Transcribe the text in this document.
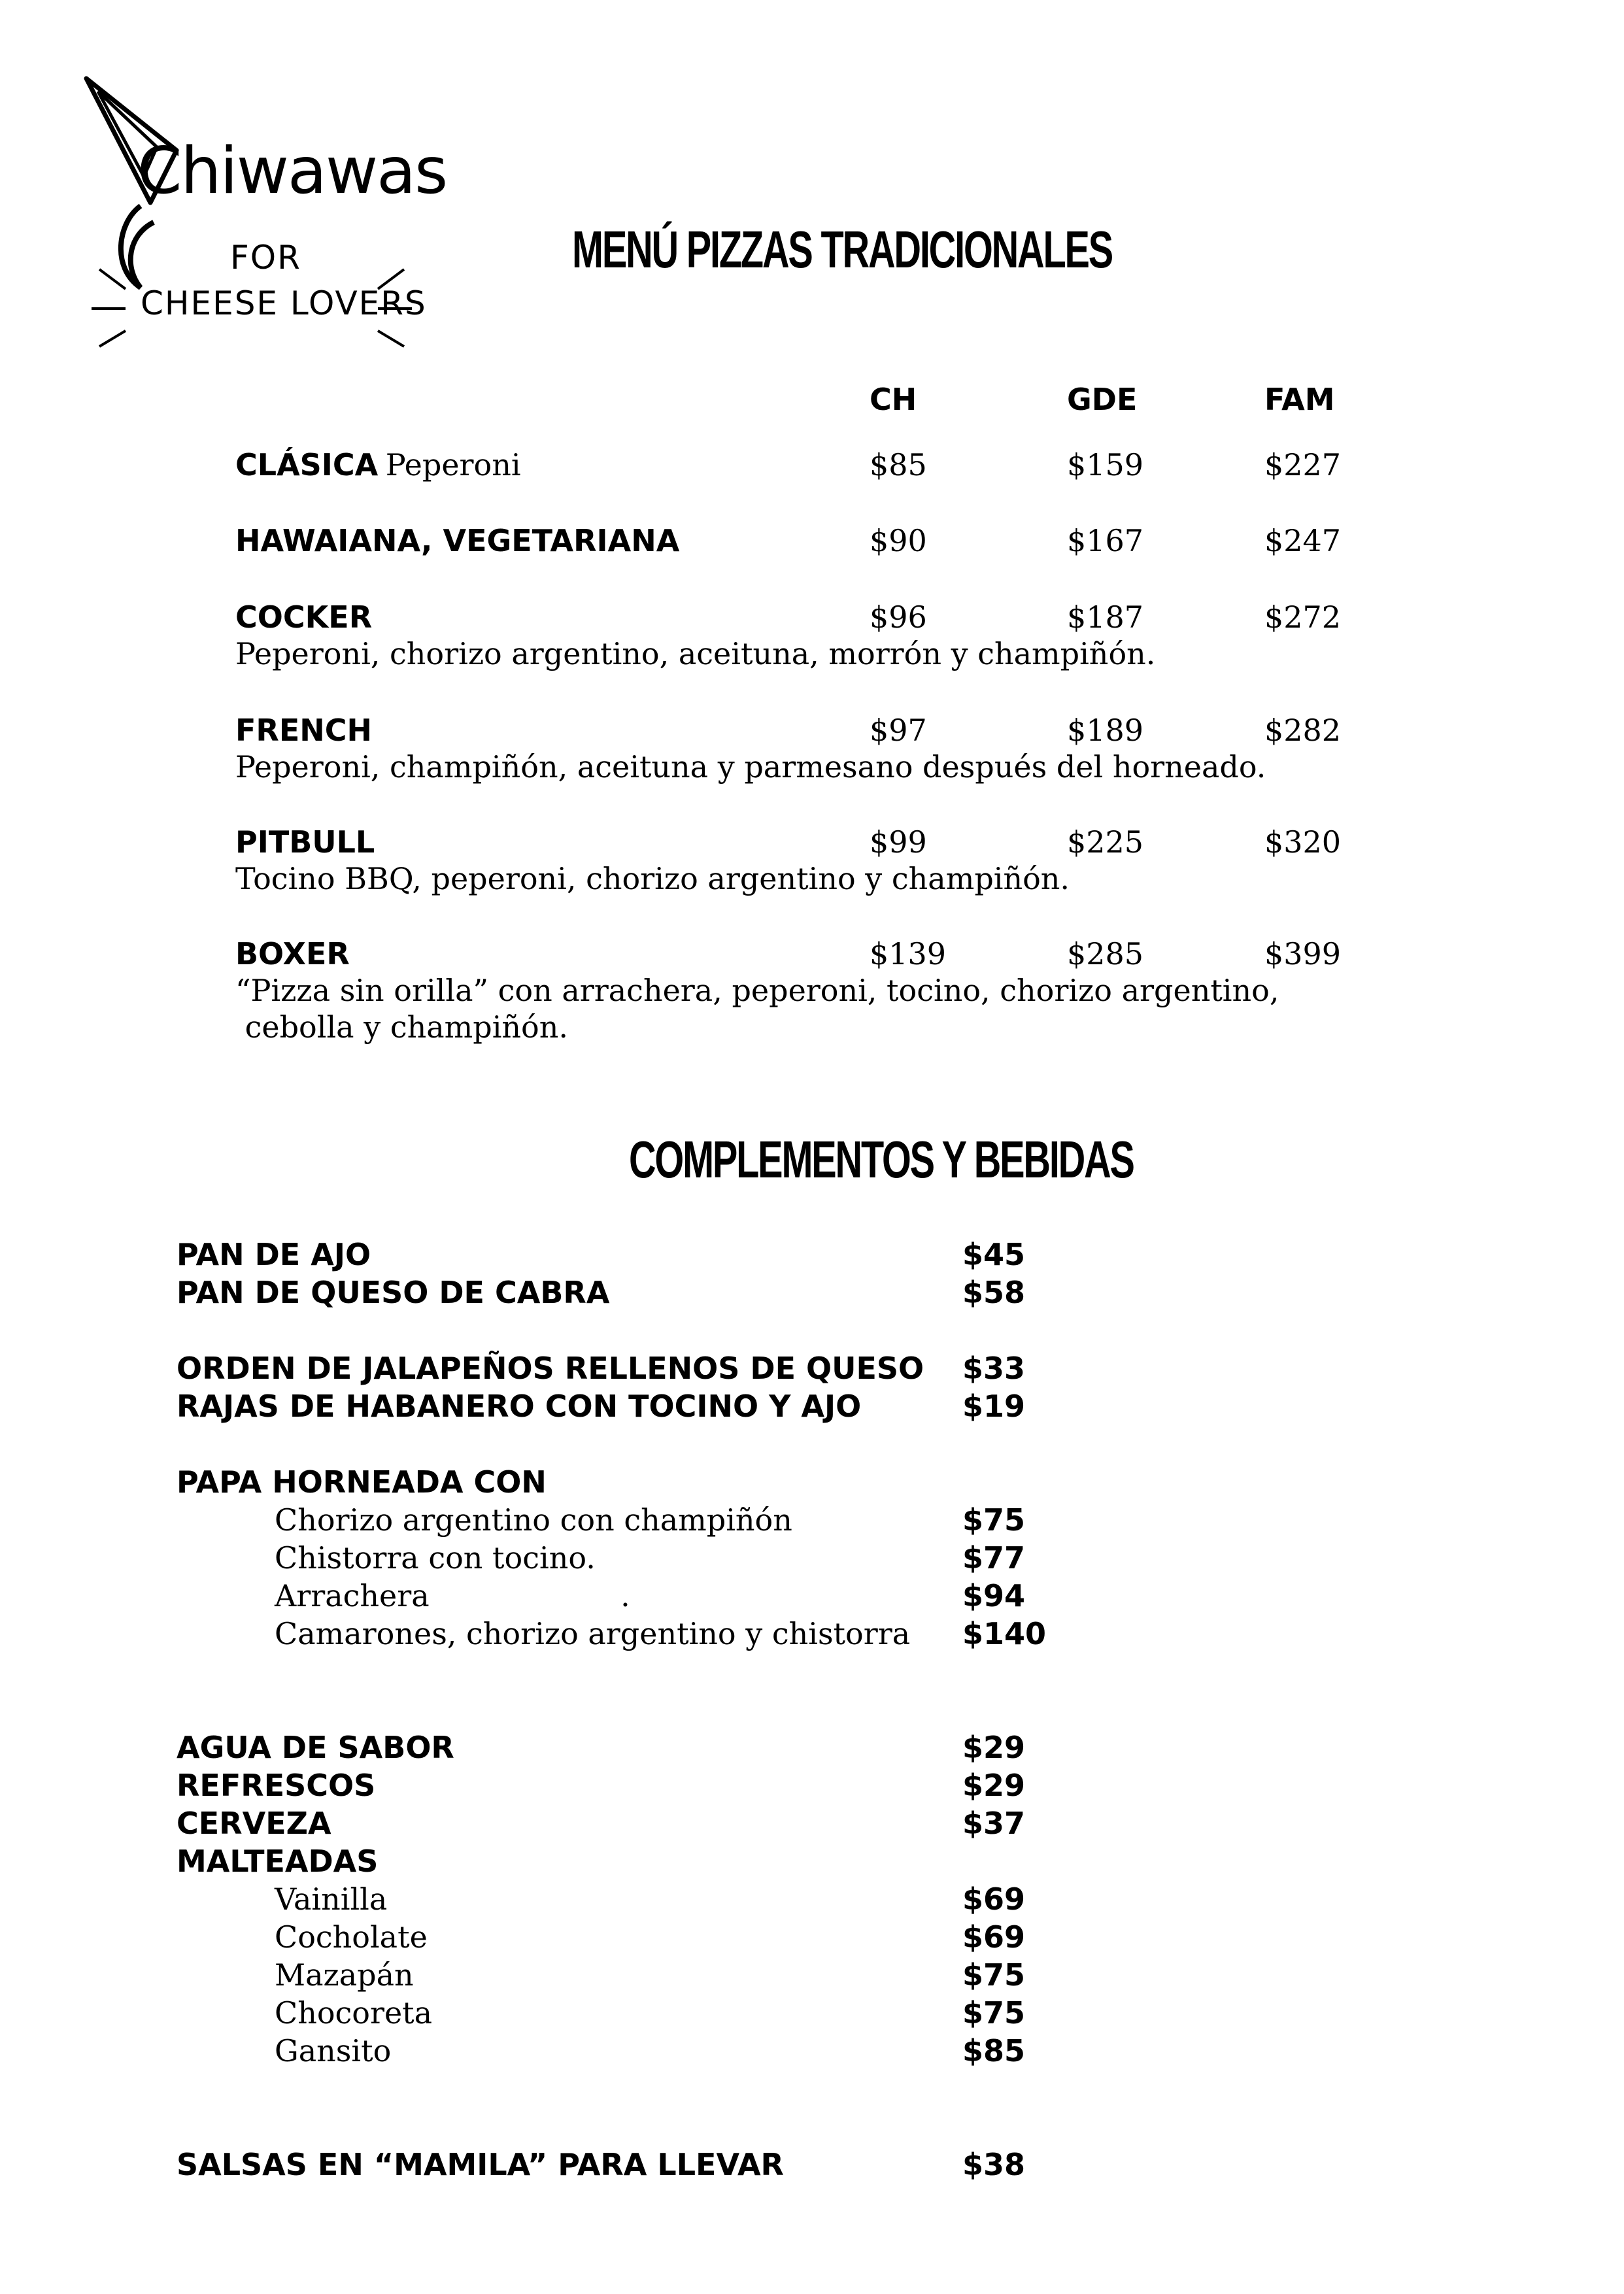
Chiwawas
FOR
CHEESE LOVERS
MENÚ PIZZAS TRADICIONALES
CH	GDE	FAM
CLÁSICA Peperoni	$85	$159	$227
HAWAIANA, VEGETARIANA	$90	$167	$247
COCKER	$96	$187	$272
Peperoni, chorizo argentino, aceituna, morrón y champiñón.
FRENCH	$97	$189	$282
Peperoni, champiñón, aceituna y parmesano después del horneado.
PITBULL	$99	$225	$320
Tocino BBQ, peperoni, chorizo argentino y champiñón.
BOXER	$139	$285	$399
“Pizza sin orilla” con arrachera, peperoni, tocino, chorizo argentino,
cebolla y champiñón.
COMPLEMENTOS Y BEBIDAS
PAN DE AJO	$45
PAN DE QUESO DE CABRA	$58
ORDEN DE JALAPEÑOS RELLENOS DE QUESO $33
RAJAS DE HABANERO CON TOCINO Y AJO	$19
PAPA HORNEADA CON
Chorizo argentino con champiñón	$75
Chistorra con tocino.	$77
Arrachera                    .	$94
Camarones, chorizo argentino y chistorra $140
AGUA DE SABOR	$29
REFRESCOS	$29
CERVEZA	$37
MALTEADAS
Vainilla	$69
Cocholate	$69
Mazapán	$75
Chocoreta	$75
Gansito	$85
SALSAS EN “MAMILA” PARA LLEVAR	$38
